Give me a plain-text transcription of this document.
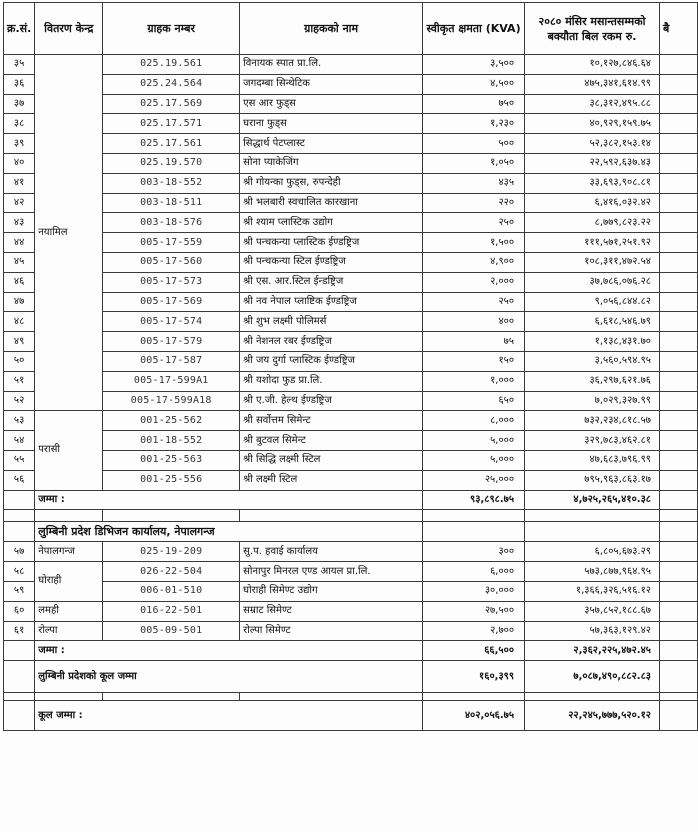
क्र.सं.	वितरण केन्द्र	ग्राहक नम्बर	ग्राहकको नाम	स्वीकृत क्षमता (KVA)	२०८० मंसिर मसान्तसम्मको बक्यौता बिल रकम रु.	बै
३५	नयामिल	025.19.561	विनायक स्पात प्रा.लि.	३,५००	१०,१२७,८४६.६४	
३६		025.24.564	जगदम्बा सिन्थेटिक	४,५००	४७५,३४१,६१४.९९	
३७		025.17.569	एस आर फुड्स	७५०	३८,३१२,४९५.८८	
३८		025.17.571	घराना फुड्स	१,२३०	४०,९२९,१५९.७५	
३९		025.17.561	सिद्धार्थ पेटप्लास्ट	५००	५२,३८२,१५३.१४	
४०		025.19.570	सोना प्याकेजिंग	१,०५०	२२,५९२,६३७.४३	
४१		003-18-552	श्री गोयन्का फुड्स, रुपन्देही	४३५	३३,६९३,९०८.८१	
४२		003-18-511	श्री भलबारी स्वचालित कारखाना	२२०	६,४१६,०३२.४२	
४३		003-18-576	श्री श्याम प्लास्टिक उद्योग	२५०	८,७७९,८२३.२२	
४४		005-17-559	श्री पन्चकन्या प्लास्टिक ईण्डष्ट्रिज	१,५००	१११,५७१,२५१.९२	
४५		005-17-560	श्री पन्चकन्या स्टिल ईण्डष्ट्रिज	४,९००	१०८,३११,४७२.५४	
४६		005-17-573	श्री एस. आर.स्टिल ईन्डष्ट्रिज	२,०००	३७,७८६,०७६.२८	
४७		005-17-569	श्री नव नेपाल प्लाष्टिक ईण्डष्ट्रिज	२५०	९,०५६,८४४.८२	
४८		005-17-574	श्री शुभ लक्ष्मी पोलिमर्स	४००	६,६१८,५४६.७९	
४९		005-17-579	श्री नेशनल रबर ईण्डष्ट्रिज	७५	१,१३८,४३१.७०	
५०		005-17-587	श्री जय दुर्गा प्लास्टिक ईण्डष्ट्रिज	१५०	३,५६०,५९४.९५	
५१		005-17-599A1	श्री यशोदा फुड प्रा.लि.	१,०००	३६,२९७,६२१.७६	
५२		005-17-599A18	श्री ए.जी. हेल्थ ईण्डष्ट्रिज	६५०	७,०२९,३२७.९९	
५३	परासी	001-25-562	श्री सर्वोत्तम सिमेन्ट	८,०००	७३२,२३४,८१८.५७	
५४		001-18-552	श्री बुटवल सिमेन्ट	५,०००	३२९,७८३,४६२.८१	
५५		001-25-563	श्री सिद्धि लक्ष्मी स्टिल	५,०००	४७,६८३,७९६.९९	
५६		001-25-556	श्री लक्ष्मी स्टिल	२५,०००	७९५,९६३,८६३.१७	
	जम्मा :			९३,८९८.७५	४,७२५,२६५,४१०.३८	

	लुम्बिनी प्रदेश डिभिजन कार्यालय, नेपालगन्ज					
५७	नेपालगन्ज	025-19-209	सु.प. हवाई कार्यालय	३००	६,८०५,६७३.२९	
५८	घोराही	026-22-504	सोनापुर मिनरल एण्ड आयल प्रा.लि.	६,०००	५७३,८७७,९६४.९५	
५९		006-01-510	घोराही सिमेण्ट उद्योग	३०,०००	१,३६६,३२६,५१६.१२	
६०	लमही	016-22-501	सम्राट सिमेण्ट	२७,५००	३५७,८५२,१८८.६७	
६१	रोल्पा	005-09-501	रोल्पा सिमेण्ट	२,७००	५७,३६३,१२९.४२	
	जम्मा :			६६,५००	२,३६२,२२५,४७२.४५	
	लुम्बिनी प्रदेशको कूल जम्मा			१६०,३९९	७,०८७,४९०,८८२.८३	

	कूल जम्मा :			४०२,०५६.७५	२२,२४५,७७७,५२०.१२	
